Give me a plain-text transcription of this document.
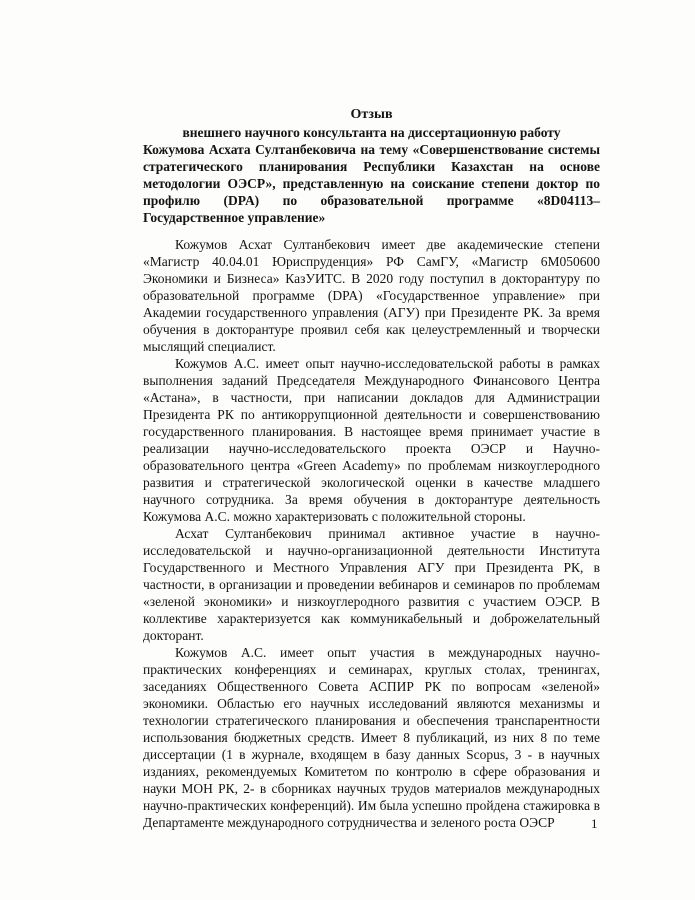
Отзыв

внешнего научного консультанта на диссертационную работу

Кожумова Асхата Султанбековича на тему «Совершенствование системы стратегического планирования Республики Казахстан на основе методологии ОЭСР», представленную на соискание степени доктор по профилю (DPA) по образовательной программе «8D04113–Государственное управление»

Кожумов Асхат Султанбекович имеет две академические степени «Магистр 40.04.01 Юриспруденция» РФ СамГУ, «Магистр 6М050600 Экономики и Бизнеса» КазУИТС. В 2020 году поступил в докторантуру по образовательной программе (DPA) «Государственное управление» при Академии государственного управления (АГУ) при Президенте РК. За время обучения в докторантуре проявил себя как целеустремленный и творчески мыслящий специалист.

Кожумов А.С. имеет опыт научно-исследовательской работы в рамках выполнения заданий Председателя Международного Финансового Центра «Астана», в частности, при написании докладов для Администрации Президента РК по антикоррупционной деятельности и совершенствованию государственного планирования. В настоящее время принимает участие в реализации научно-исследовательского проекта ОЭСР и Научно-образовательного центра «Green Academy» по проблемам низкоуглеродного развития и стратегической экологической оценки в качестве младшего научного сотрудника. За время обучения в докторантуре деятельность Кожумова А.С. можно характеризовать с положительной стороны.

Асхат Султанбекович принимал активное участие в научно-исследовательской и научно-организационной деятельности Института Государственного и Местного Управления АГУ при Президента РК, в частности, в организации и проведении вебинаров и семинаров по проблемам «зеленой экономики» и низкоуглеродного развития с участием ОЭСР. В коллективе характеризуется как коммуникабельный и доброжелательный докторант.

Кожумов А.С. имеет опыт участия в международных научно-практических конференциях и семинарах, круглых столах, тренингах, заседаниях Общественного Совета АСПИР РК по вопросам «зеленой» экономики. Областью его научных исследований являются механизмы и технологии стратегического планирования и обеспечения транспарентности использования бюджетных средств. Имеет 8 публикаций, из них 8 по теме диссертации (1 в журнале, входящем в базу данных Scopus, 3 - в научных изданиях, рекомендуемых Комитетом по контролю в сфере образования и науки МОН РК, 2- в сборниках научных трудов материалов международных научно-практических конференций). Им была успешно пройдена стажировка в Департаменте международного сотрудничества и зеленого роста ОЭСР	1
